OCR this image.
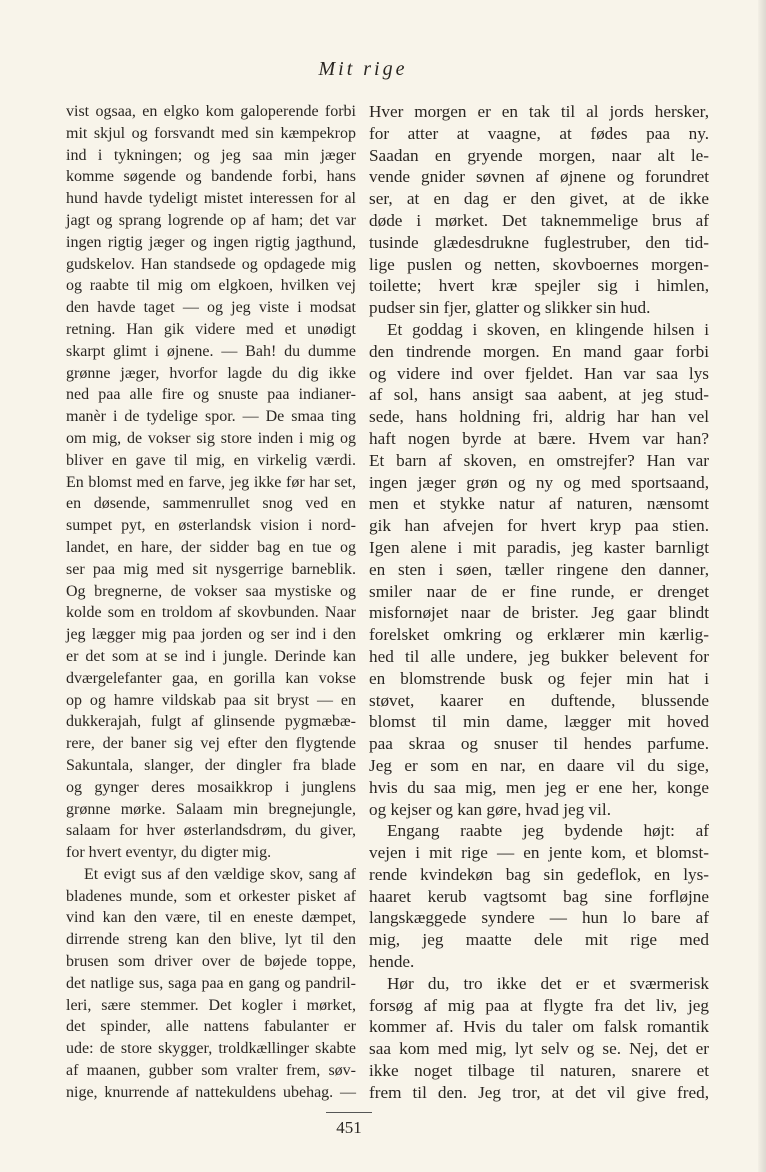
Mit rige
vist ogsaa, en elgko kom galoperende forbi
mit skjul og forsvandt med sin kæmpekrop
ind i tykningen; og jeg saa min jæger
komme søgende og bandende forbi, hans
hund havde tydeligt mistet interessen for al
jagt og sprang logrende op af ham; det var
ingen rigtig jæger og ingen rigtig jagthund,
gudskelov. Han standsede og opdagede mig
og raabte til mig om elgkoen, hvilken vej
den havde taget — og jeg viste i modsat
retning. Han gik videre med et unødigt
skarpt glimt i øjnene. — Bah! du dumme
grønne jæger, hvorfor lagde du dig ikke
ned paa alle fire og snuste paa indianer-
manèr i de tydelige spor. — De smaa ting
om mig, de vokser sig store inden i mig og
bliver en gave til mig, en virkelig værdi.
En blomst med en farve, jeg ikke før har set,
en døsende, sammenrullet snog ved en
sumpet pyt, en østerlandsk vision i nord-
landet, en hare, der sidder bag en tue og
ser paa mig med sit nysgerrige barneblik.
Og bregnerne, de vokser saa mystiske og
kolde som en troldom af skovbunden. Naar
jeg lægger mig paa jorden og ser ind i den
er det som at se ind i jungle. Derinde kan
dværgelefanter gaa, en gorilla kan vokse
op og hamre vildskab paa sit bryst — en
dukkerajah, fulgt af glinsende pygmæbæ-
rere, der baner sig vej efter den flygtende
Sakuntala, slanger, der dingler fra blade
og gynger deres mosaikkrop i junglens
grønne mørke. Salaam min bregnejungle,
salaam for hver østerlandsdrøm, du giver,
for hvert eventyr, du digter mig.
Et evigt sus af den vældige skov, sang af
bladenes munde, som et orkester pisket af
vind kan den være, til en eneste dæmpet,
dirrende streng kan den blive, lyt til den
brusen som driver over de bøjede toppe,
det natlige sus, saga paa en gang og pandril-
leri, sære stemmer. Det kogler i mørket,
det spinder, alle nattens fabulanter er
ude: de store skygger, troldkællinger skabte
af maanen, gubber som vralter frem, søv-
nige, knurrende af nattekuldens ubehag. —
Hver morgen er en tak til al jords hersker,
for atter at vaagne, at fødes paa ny.
Saadan en gryende morgen, naar alt le-
vende gnider søvnen af øjnene og forundret
ser, at en dag er den givet, at de ikke
døde i mørket. Det taknemmelige brus af
tusinde glædesdrukne fuglestruber, den tid-
lige puslen og netten, skovboernes morgen-
toilette; hvert kræ spejler sig i himlen,
pudser sin fjer, glatter og slikker sin hud.
Et goddag i skoven, en klingende hilsen i
den tindrende morgen. En mand gaar forbi
og videre ind over fjeldet. Han var saa lys
af sol, hans ansigt saa aabent, at jeg stud-
sede, hans holdning fri, aldrig har han vel
haft nogen byrde at bære. Hvem var han?
Et barn af skoven, en omstrejfer? Han var
ingen jæger grøn og ny og med sportsaand,
men et stykke natur af naturen, nænsomt
gik han afvejen for hvert kryp paa stien.
Igen alene i mit paradis, jeg kaster barnligt
en sten i søen, tæller ringene den danner,
smiler naar de er fine runde, er drenget
misfornøjet naar de brister. Jeg gaar blindt
forelsket omkring og erklærer min kærlig-
hed til alle undere, jeg bukker belevent for
en blomstrende busk og fejer min hat i
støvet, kaarer en duftende, blussende
blomst til min dame, lægger mit hoved
paa skraa og snuser til hendes parfume.
Jeg er som en nar, en daare vil du sige,
hvis du saa mig, men jeg er ene her, konge
og kejser og kan gøre, hvad jeg vil.
Engang raabte jeg bydende højt: af
vejen i mit rige — en jente kom, et blomst-
rende kvindekøn bag sin gedeflok, en lys-
haaret kerub vagtsomt bag sine forfløjne
langskæggede syndere — hun lo bare af
mig, jeg maatte dele mit rige med
hende.
Hør du, tro ikke det er et sværmerisk
forsøg af mig paa at flygte fra det liv, jeg
kommer af. Hvis du taler om falsk romantik
saa kom med mig, lyt selv og se. Nej, det er
ikke noget tilbage til naturen, snarere et
frem til den. Jeg tror, at det vil give fred,
451
